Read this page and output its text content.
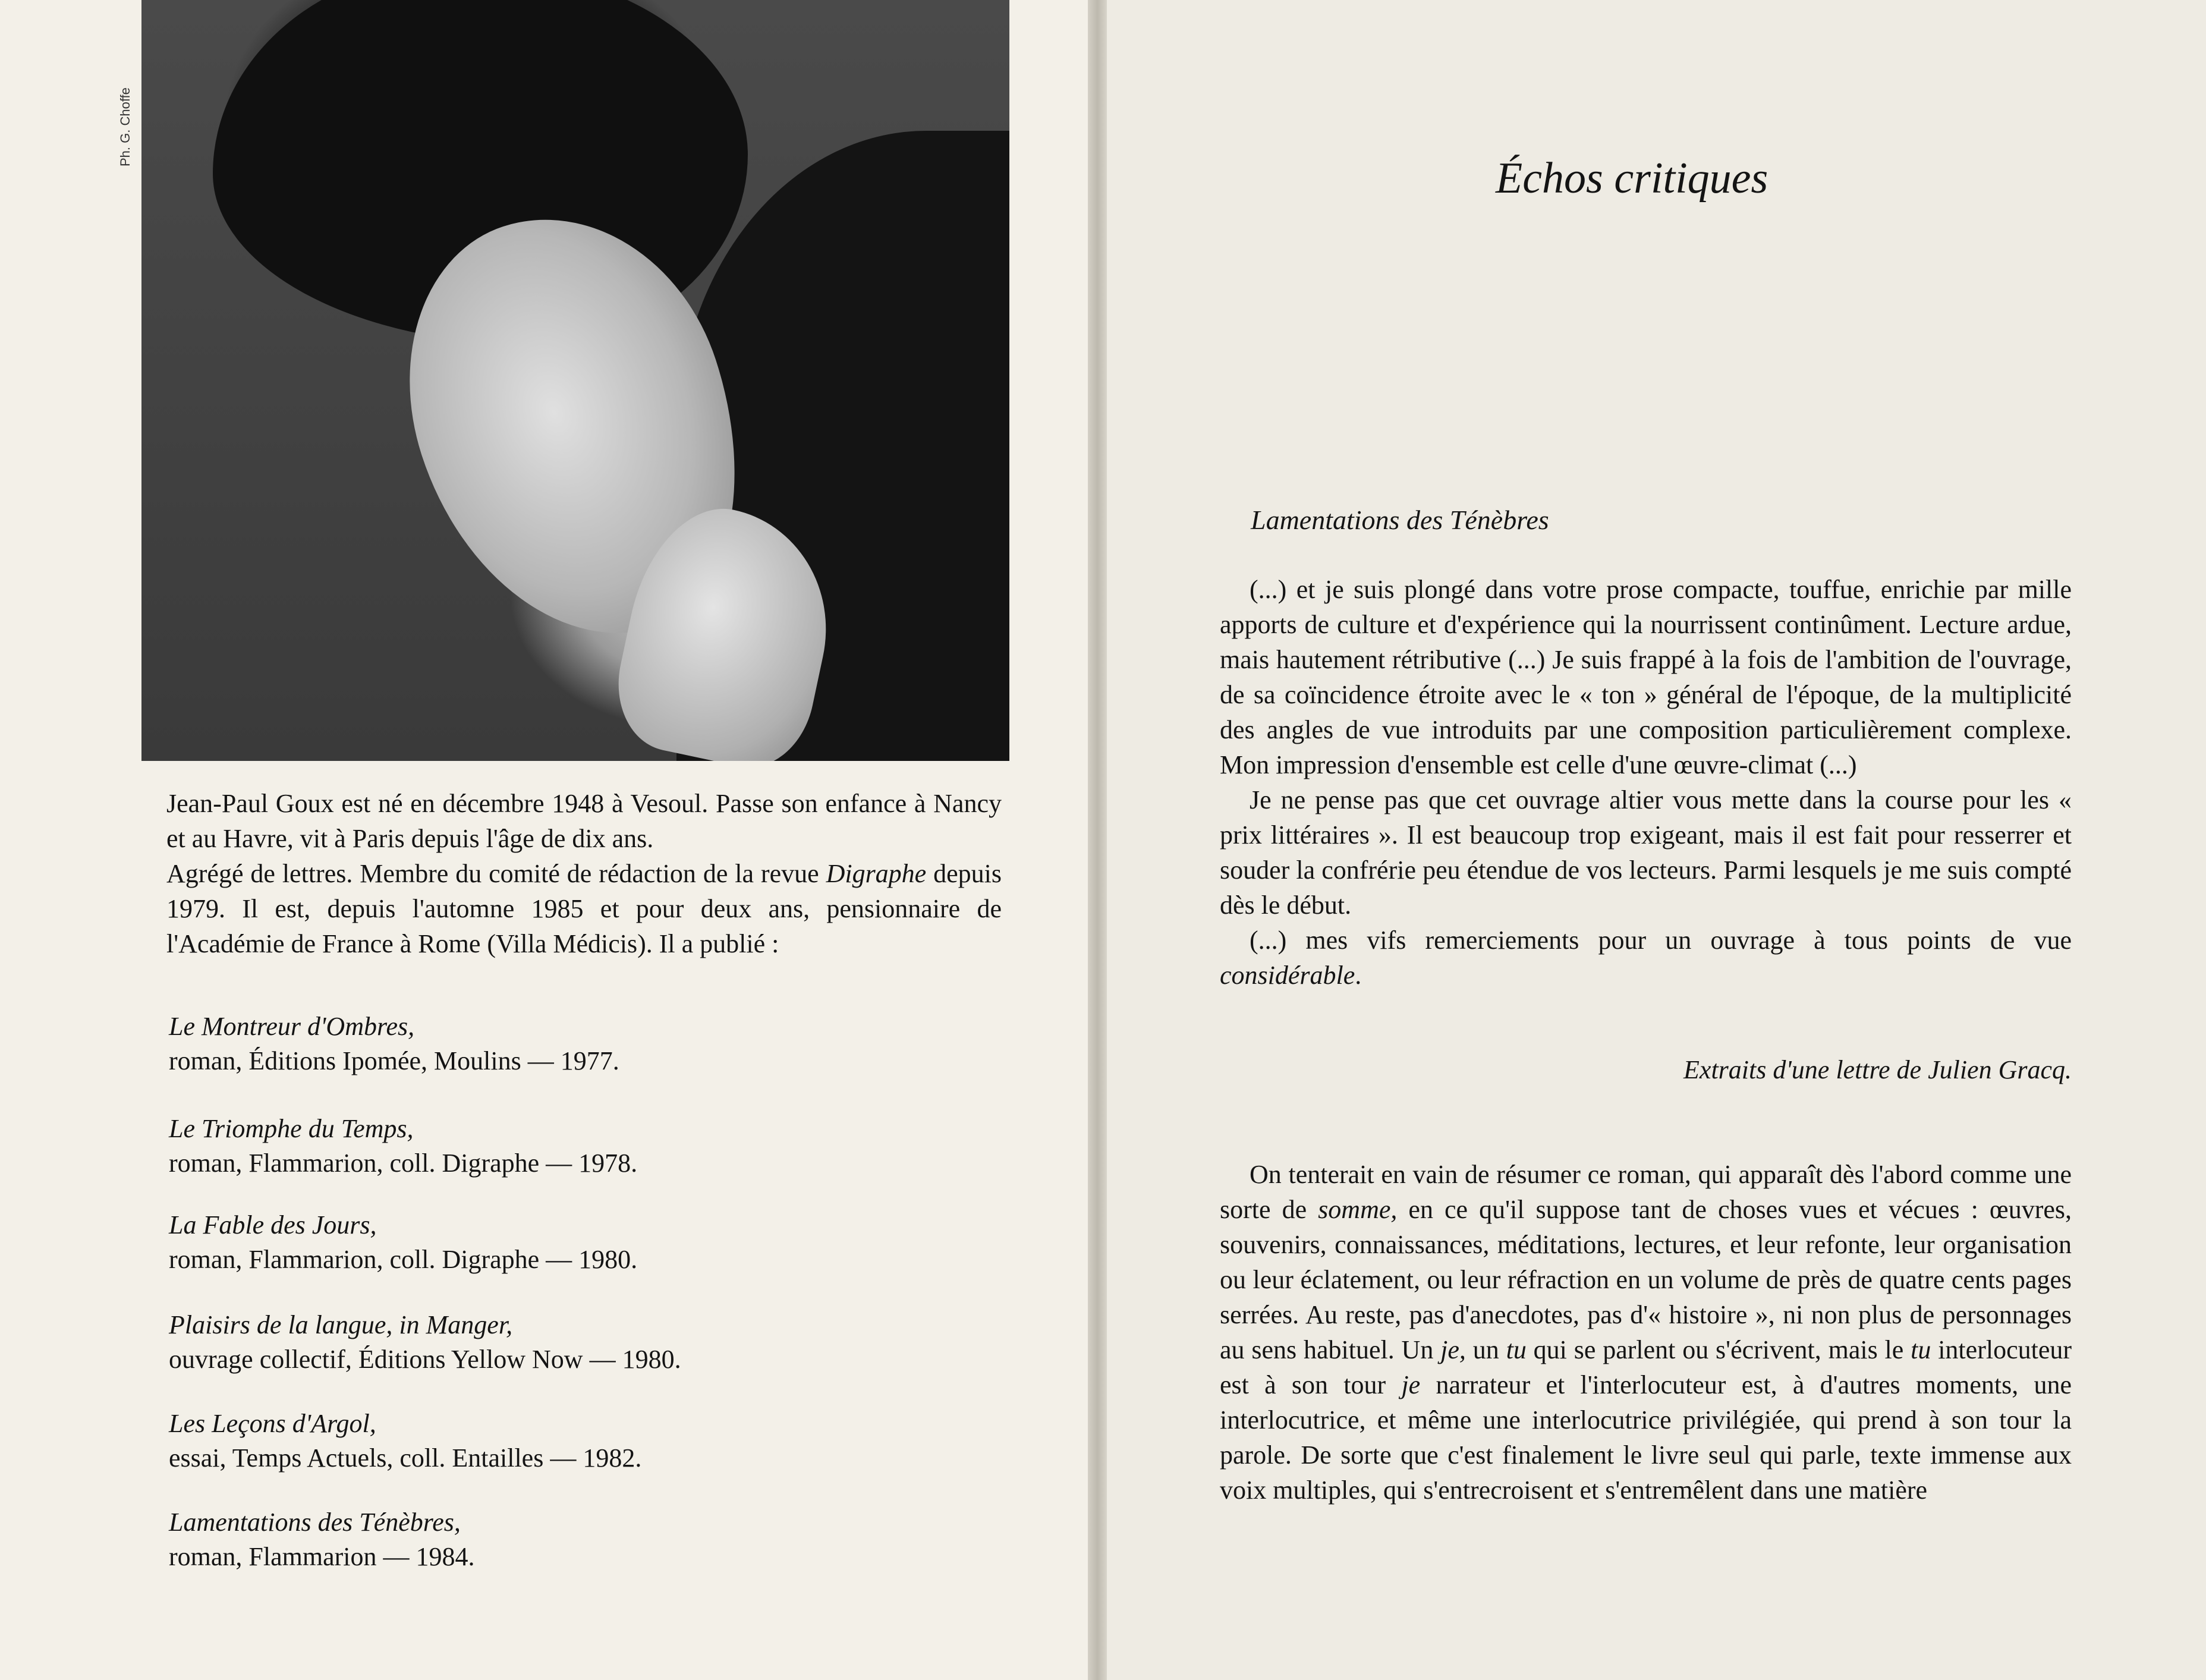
Ph. G. Choffe

Jean-Paul Goux est né en décembre 1948 à Vesoul. Passe son enfance à Nancy et au Havre, vit à Paris depuis l'âge de dix ans.

Agrégé de lettres. Membre du comité de rédaction de la revue Digraphe depuis 1979. Il est, depuis l'automne 1985 et pour deux ans, pensionnaire de l'Académie de France à Rome (Villa Médicis). Il a publié :

Le Montreur d'Ombres,
roman, Éditions Ipomée, Moulins — 1977.
Le Triomphe du Temps,
roman, Flammarion, coll. Digraphe — 1978.
La Fable des Jours,
roman, Flammarion, coll. Digraphe — 1980.
Plaisirs de la langue, in Manger,
ouvrage collectif, Éditions Yellow Now — 1980.
Les Leçons d'Argol,
essai, Temps Actuels, coll. Entailles — 1982.
Lamentations des Ténèbres,
roman, Flammarion — 1984.
Échos critiques
Lamentations des Ténèbres

(...) et je suis plongé dans votre prose compacte, touffue, enrichie par mille apports de culture et d'expérience qui la nourrissent continûment. Lecture ardue, mais hautement rétributive (...) Je suis frappé à la fois de l'ambition de l'ouvrage, de sa coïncidence étroite avec le « ton » général de l'époque, de la multiplicité des angles de vue introduits par une composition particulièrement complexe. Mon impression d'ensemble est celle d'une œuvre-climat (...)

Je ne pense pas que cet ouvrage altier vous mette dans la course pour les « prix littéraires ». Il est beaucoup trop exigeant, mais il est fait pour resserrer et souder la confrérie peu étendue de vos lecteurs. Parmi lesquels je me suis compté dès le début.

(...) mes vifs remerciements pour un ouvrage à tous points de vue considérable.

Extraits d'une lettre de Julien Gracq.

On tenterait en vain de résumer ce roman, qui apparaît dès l'abord comme une sorte de somme, en ce qu'il suppose tant de choses vues et vécues : œuvres, souvenirs, connaissances, méditations, lectures, et leur refonte, leur organisation ou leur éclatement, ou leur réfraction en un volume de près de quatre cents pages serrées. Au reste, pas d'anecdotes, pas d'« histoire », ni non plus de personnages au sens habituel. Un je, un tu qui se parlent ou s'écrivent, mais le tu interlocuteur est à son tour je narrateur et l'interlocuteur est, à d'autres moments, une interlocutrice, et même une interlocutrice privilégiée, qui prend à son tour la parole. De sorte que c'est finalement le livre seul qui parle, texte immense aux voix multiples, qui s'entrecroisent et s'entremêlent dans une matière
